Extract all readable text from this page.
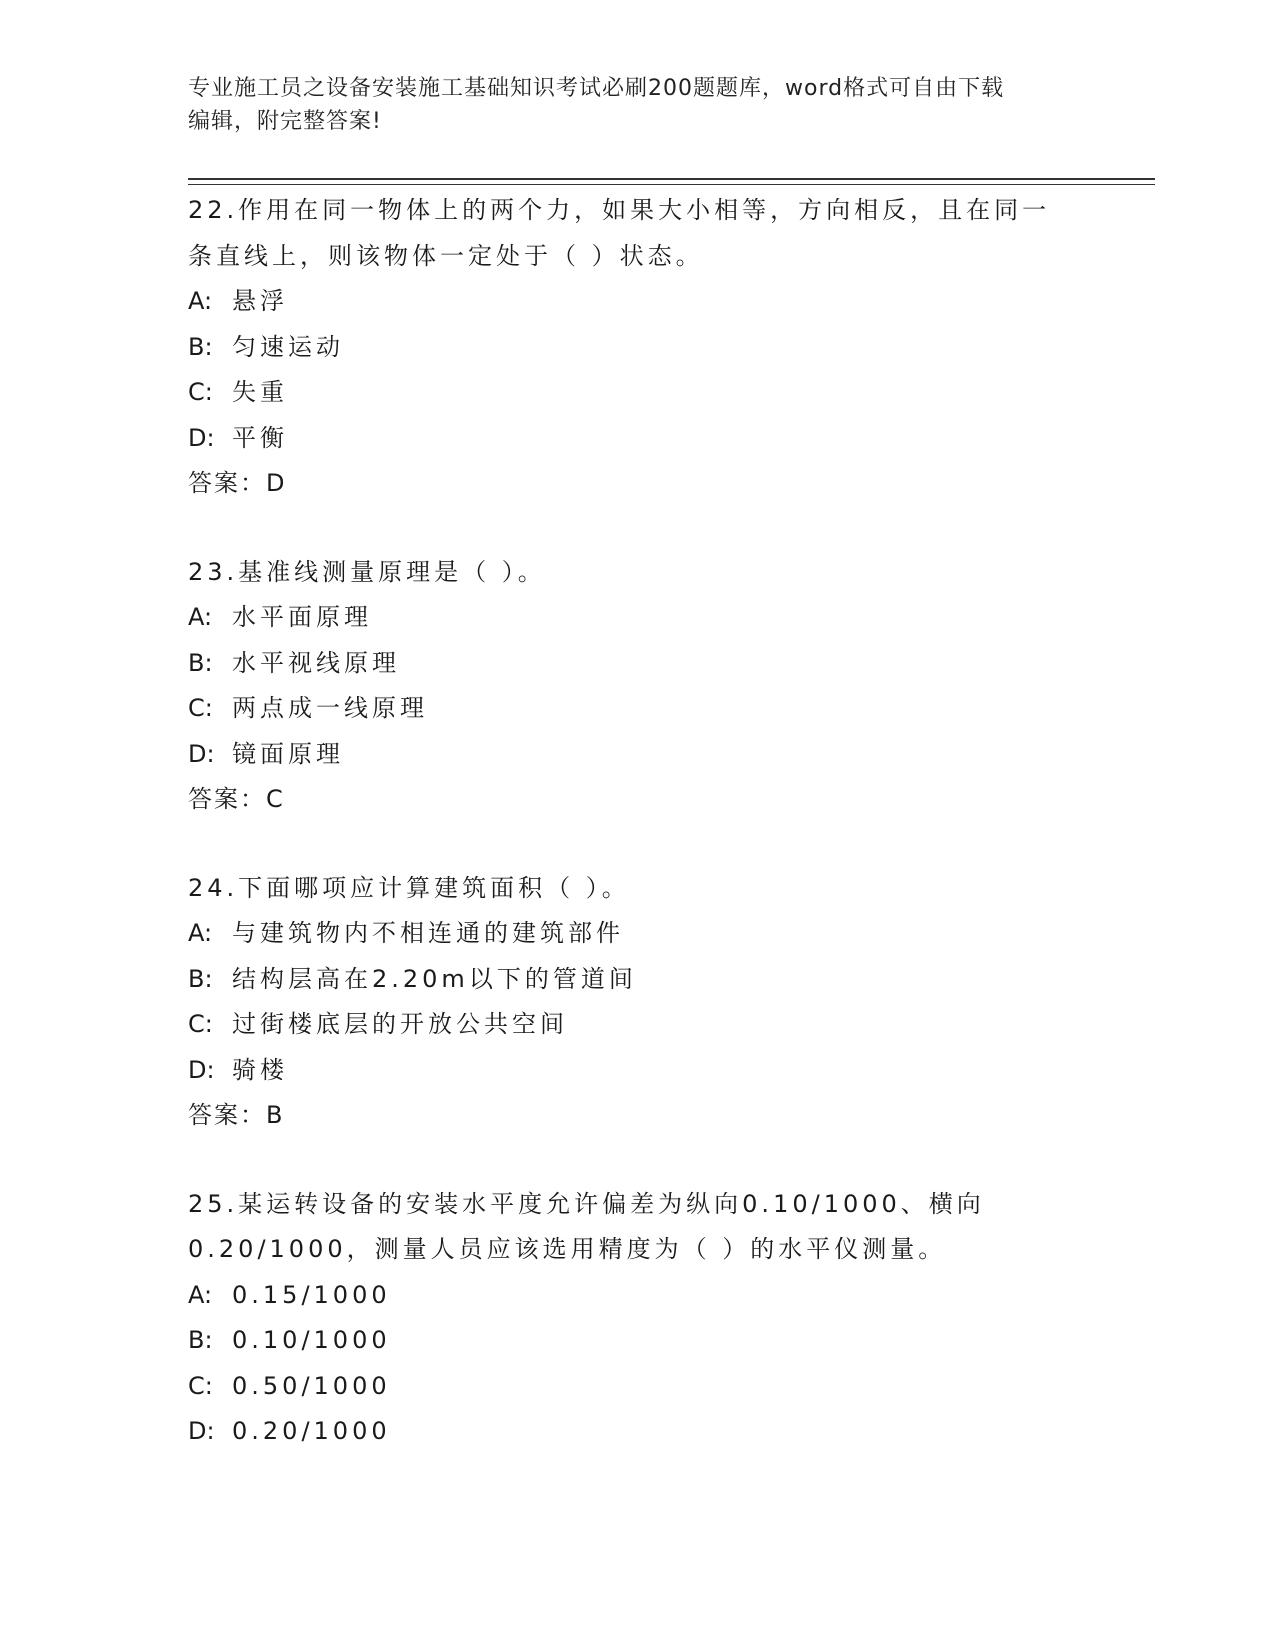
专业施工员之设备安装施工基础知识考试必刷200题题库，word格式可自由下载
编辑，附完整答案!
22.作用在同一物体上的两个力，如果大小相等，方向相反，且在同一
条直线上，则该物体一定处于（ ）状态。
A: 悬浮
B: 匀速运动
C: 失重
D: 平衡
答案：D
23.基准线测量原理是（ ）。
A: 水平面原理
B: 水平视线原理
C: 两点成一线原理
D: 镜面原理
答案：C
24.下面哪项应计算建筑面积（ ）。
A: 与建筑物内不相连通的建筑部件
B: 结构层高在2.20m以下的管道间
C: 过街楼底层的开放公共空间
D: 骑楼
答案：B
25.某运转设备的安装水平度允许偏差为纵向0.10/1000、横向
0.20/1000，测量人员应该选用精度为（ ）的水平仪测量。
A: 0.15/1000
B: 0.10/1000
C: 0.50/1000
D: 0.20/1000
